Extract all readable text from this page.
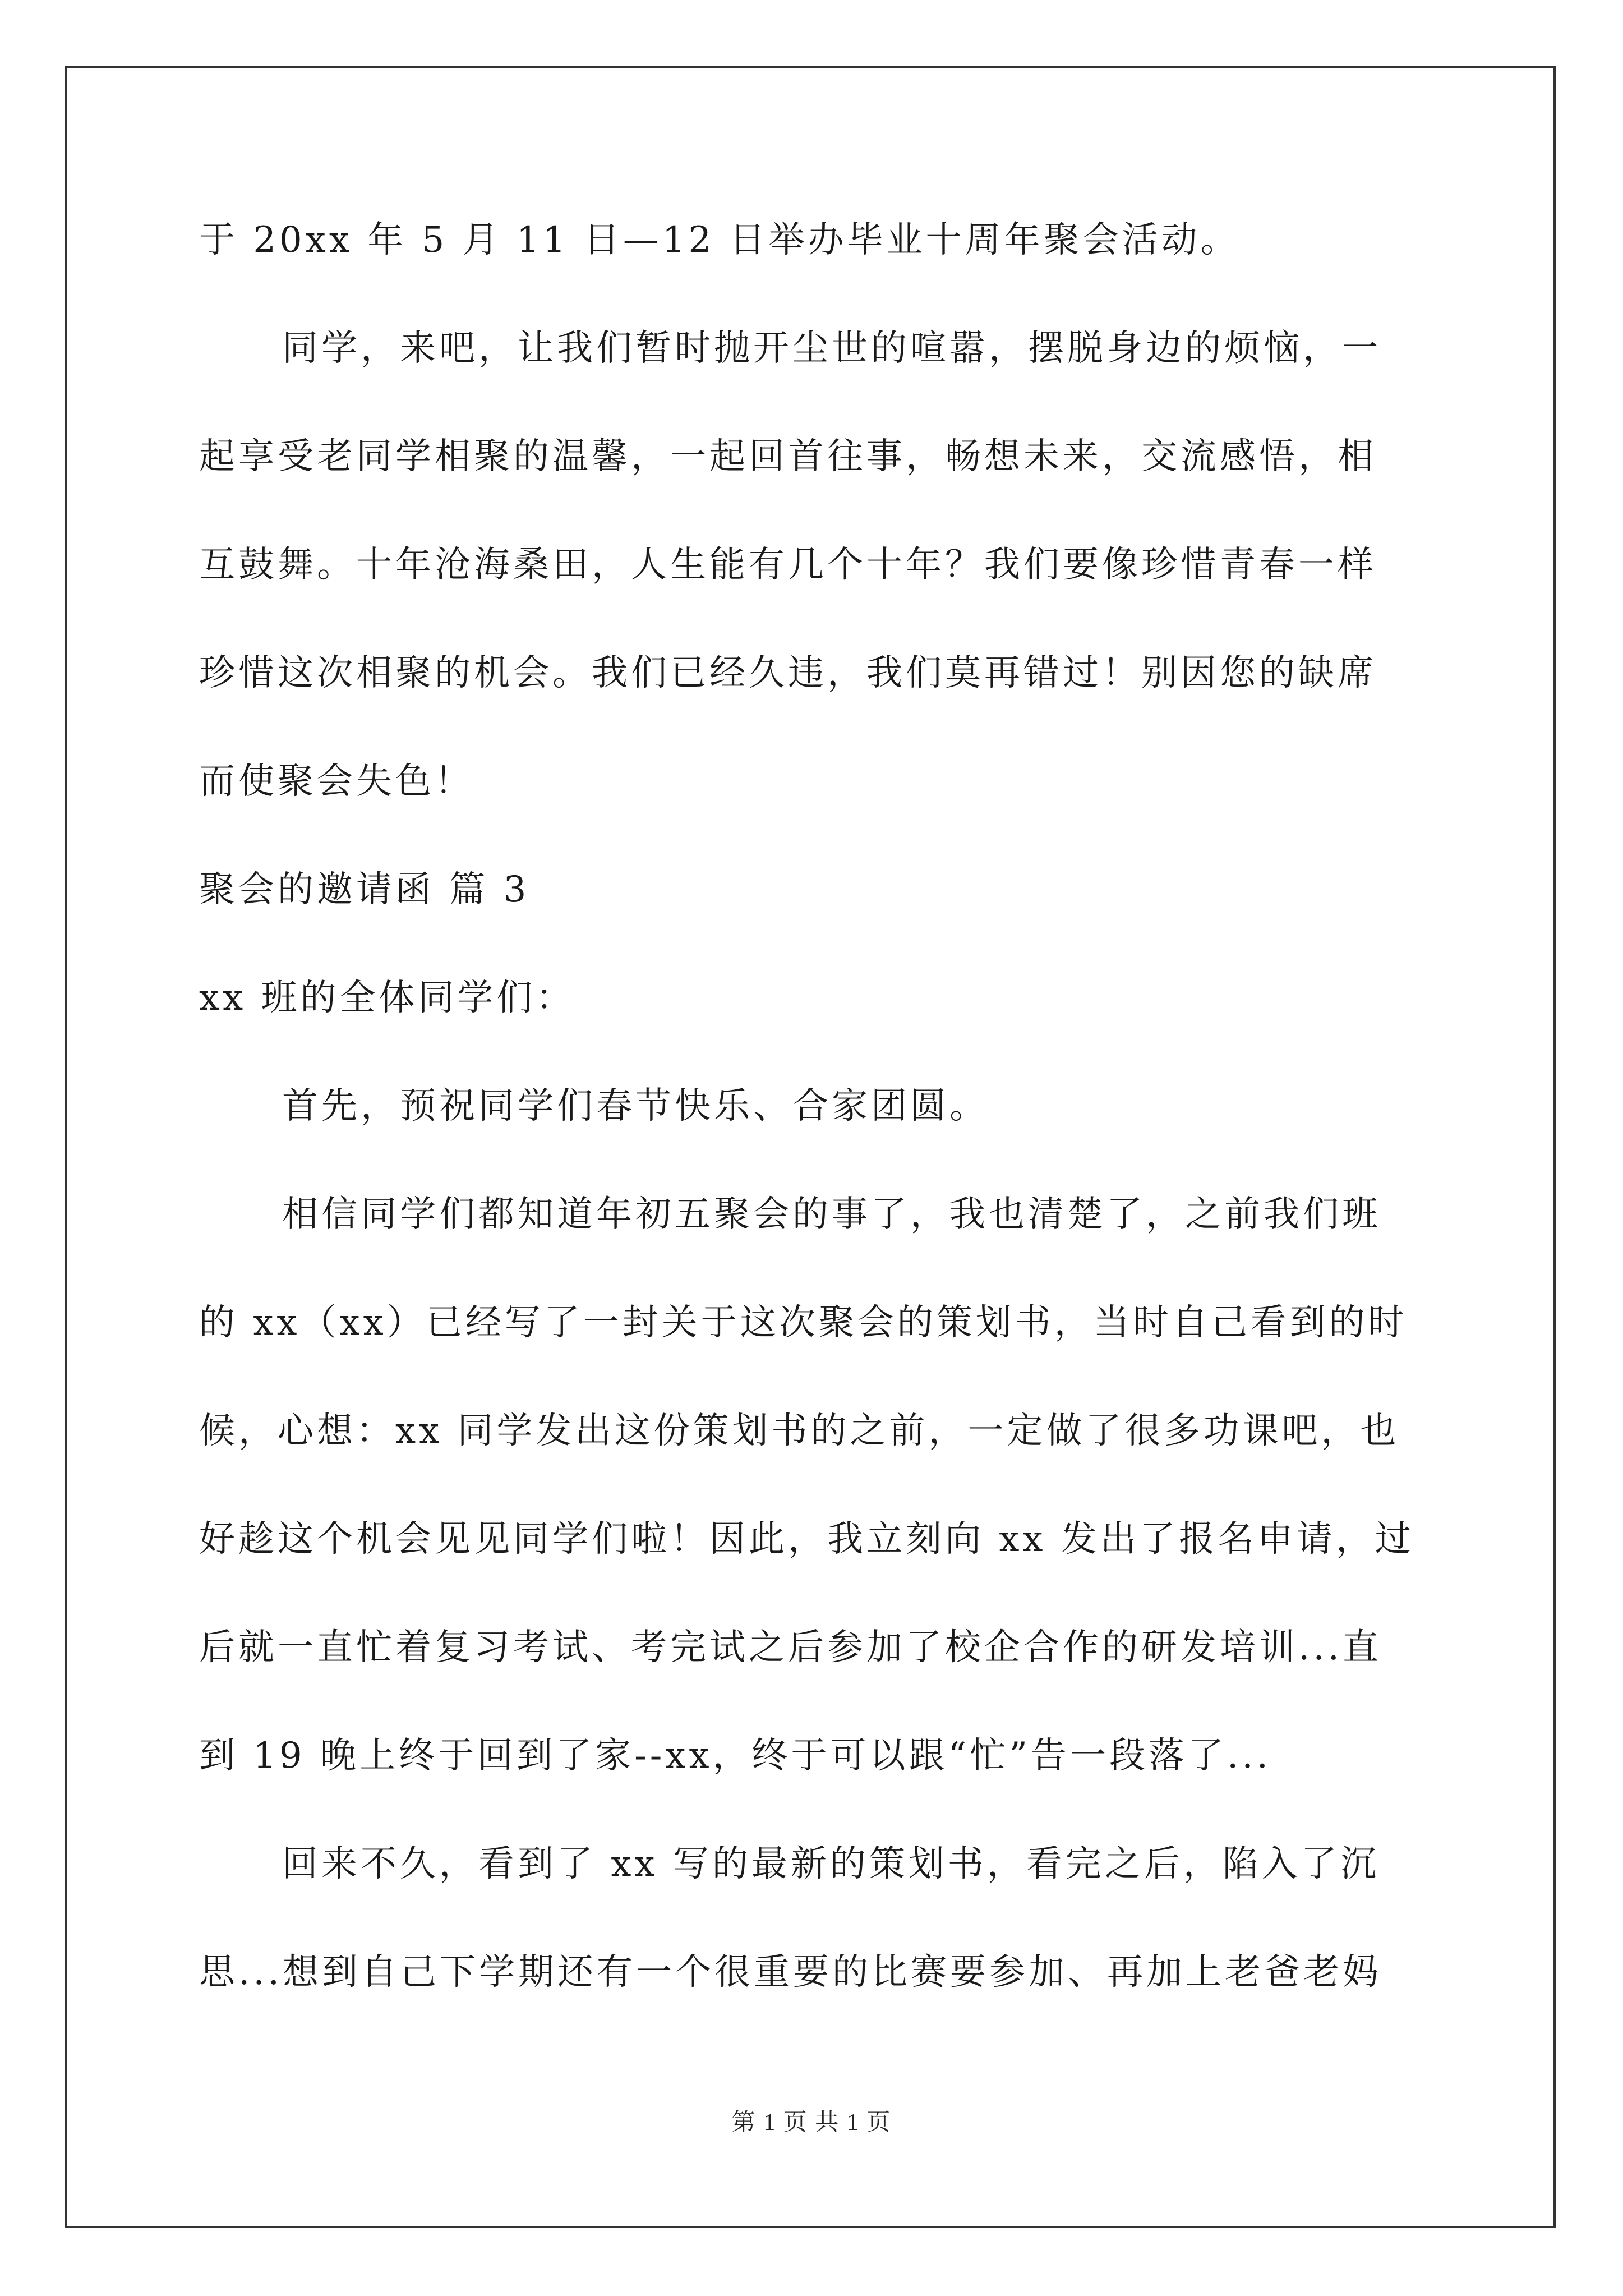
于 20xx 年 5 月 11 日—12 日举办毕业十周年聚会活动。

同学，来吧，让我们暂时抛开尘世的喧嚣，摆脱身边的烦恼，一

起享受老同学相聚的温馨，一起回首往事，畅想未来，交流感悟，相

互鼓舞。十年沧海桑田，人生能有几个十年？我们要像珍惜青春一样

珍惜这次相聚的机会。我们已经久违，我们莫再错过！别因您的缺席

而使聚会失色！

聚会的邀请函 篇 3

xx 班的全体同学们：

首先，预祝同学们春节快乐、合家团圆。

相信同学们都知道年初五聚会的事了，我也清楚了，之前我们班

的 xx（xx）已经写了一封关于这次聚会的策划书，当时自己看到的时

候，心想：xx 同学发出这份策划书的之前，一定做了很多功课吧，也

好趁这个机会见见同学们啦！因此，我立刻向 xx 发出了报名申请，过

后就一直忙着复习考试、考完试之后参加了校企合作的研发培训...直

到 19 晚上终于回到了家--xx，终于可以跟“忙”告一段落了...

回来不久，看到了 xx 写的最新的策划书，看完之后，陷入了沉

思...想到自己下学期还有一个很重要的比赛要参加、再加上老爸老妈

第 1 页 共 1 页
